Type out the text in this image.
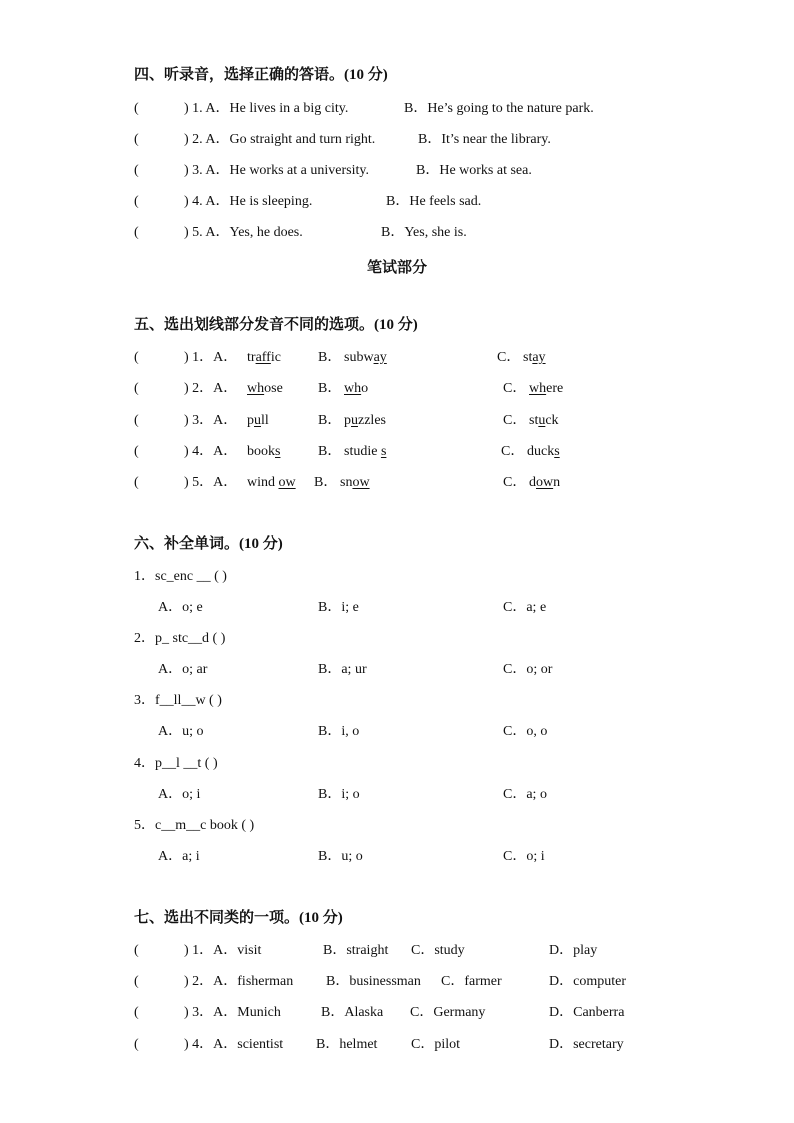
四、听录音，选择正确的答语。(10 分)
(	) 1. A．He lives in a big city.	B．He’s going to the nature park.
(	) 2. A．Go straight and turn right.	B．It’s near the library.
(	) 3. A．He works at a university.	B．He works at sea.
(	) 4. A．He is sleeping.	B．He feels sad.
(	) 5. A．Yes, he does.	B．Yes, she is.
笔试部分
五、选出划线部分发音不同的选项。(10 分)
(	) 1．A． traffic	B． subway	C． stay
(	) 2．A． whose	B． who	C． where
(	) 3．A． pull	B． puzzles	C． stuck
(	) 4．A． books	B． studie s	C． ducks
(	) 5．A． wind ow B． snow	C． down
六、补全单词。(10 分)
1．sc_enc __ ( )
A．o; e	B．i; e	C．a; e
2．p_ stc__d ( )
A．o; ar	B．a; ur	C．o; or
3．f__ll__w ( )
A．u; o	B．i, o	C．o, o
4．p__l __t ( )
A．o; i	B．i; o	C．a; o
5．c__m__c book ( )
A．a; i	B．u; o	C．o; i
七、选出不同类的一项。(10 分)
(	) 1．A．visit	B．straight C．study	D．play
(	) 2．A．fisherman B．businessman C．farmer	D．computer
(	) 3．A．Munich	B．Alaska C．Germany	D．Canberra
(	) 4．A．scientist B．helmet C．pilot	D．secretary
